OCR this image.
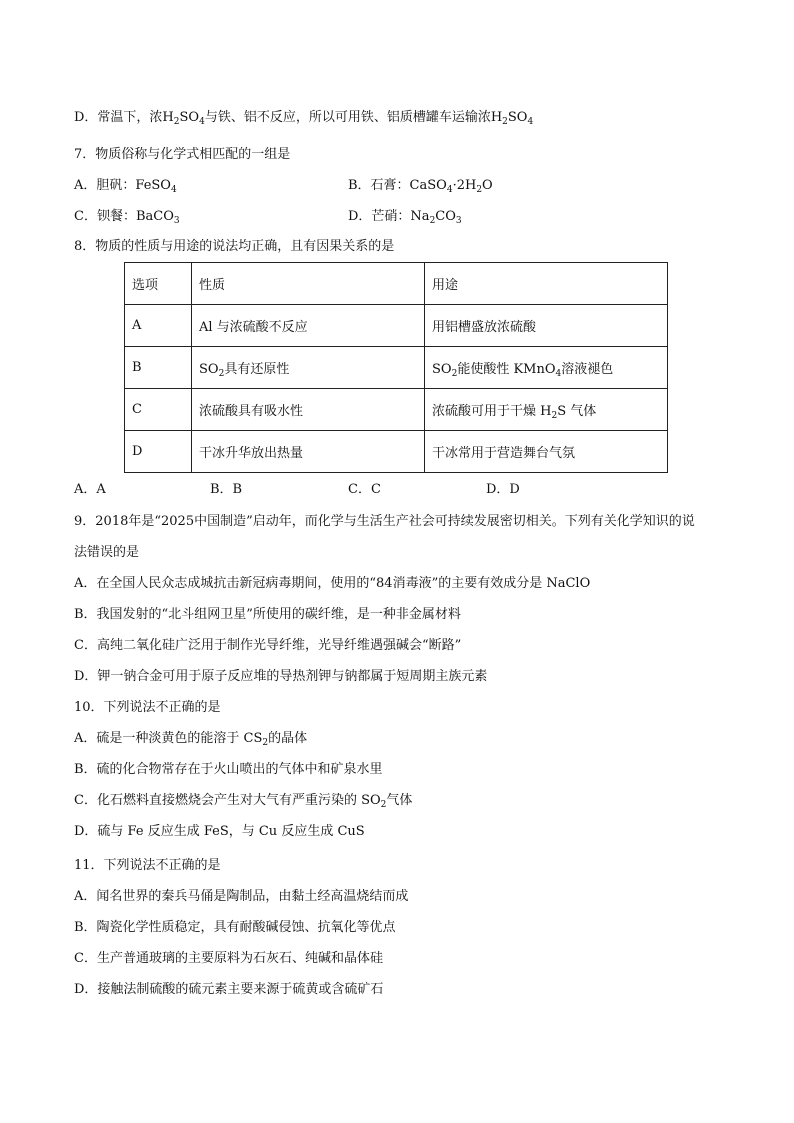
D．常温下，浓$H_2SO_4$与铁、铝不反应，所以可用铁、铝质槽罐车运输浓$H_2SO_4$
7．物质俗称与化学式相匹配的一组是
A．胆矾：FeSO$_4$	B．石膏：$CaSO_4\cdot 2H_2O$
C．钡餐：BaCO$_3$	D．芒硝：$Na_2CO_3$
8．物质的性质与用途的说法均正确，且有因果关系的是
选项	性质	用途
A	Al 与浓硫酸不反应	用铝槽盛放浓硫酸
B	$SO_2$具有还原性	$SO_2$能使酸性 KMnO$_4$溶液褪色
C	浓硫酸具有吸水性	浓硫酸可用于干燥 $H_2S$ 气体
D	干冰升华放出热量	干冰常用于营造舞台气氛
A．A	B．B	C．C	D．D
9．2018年是“2025中国制造”启动年，而化学与生活生产社会可持续发展密切相关。下列有关化学知识的说
法错误的是
A．在全国人民众志成城抗击新冠病毒期间，使用的“84消毒液”的主要有效成分是 NaClO
B．我国发射的“北斗组网卫星”所使用的碳纤维，是一种非金属材料
C．高纯二氧化硅广泛用于制作光导纤维，光导纤维遇强碱会“断路”
D．钾一钠合金可用于原子反应堆的导热剂钾与钠都属于短周期主族元素
10．下列说法不正确的是
A．硫是一种淡黄色的能溶于 $CS_2$的晶体
B．硫的化合物常存在于火山喷出的气体中和矿泉水里
C．化石燃料直接燃烧会产生对大气有严重污染的 $SO_2$气体
D．硫与 Fe 反应生成 FeS，与 Cu 反应生成 CuS
11．下列说法不正确的是
A．闻名世界的秦兵马俑是陶制品，由黏土经高温烧结而成
B．陶瓷化学性质稳定，具有耐酸碱侵蚀、抗氧化等优点
C．生产普通玻璃的主要原料为石灰石、纯碱和晶体硅
D．接触法制硫酸的硫元素主要来源于硫黄或含硫矿石
